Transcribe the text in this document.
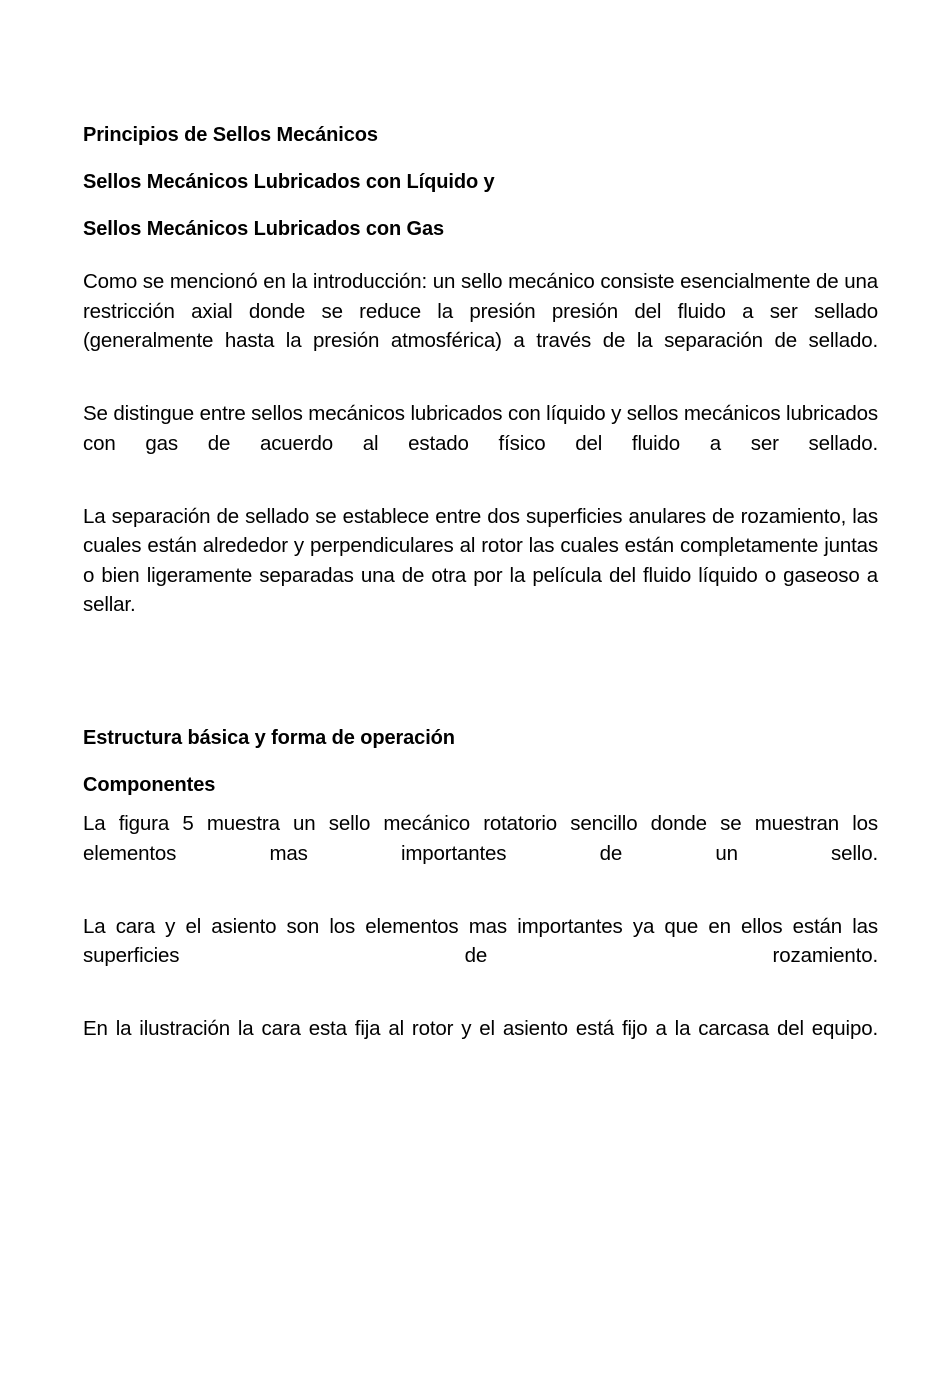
Principios de Sellos Mecánicos
Sellos Mecánicos Lubricados con Líquido y
Sellos Mecánicos Lubricados con Gas

Como se mencionó en la introducción: un sello mecánico consiste esencialmente de una restricción axial donde se reduce la presión presión del fluido a ser sellado (generalmente hasta la presión atmosférica) a través de la separación de sellado.

Se distingue entre sellos mecánicos lubricados con líquido y sellos mecánicos lubricados con gas de acuerdo al estado físico del fluido a ser sellado.

La separación de sellado se establece entre dos superficies anulares de rozamiento, las cuales están alrededor y perpendiculares al rotor las cuales están completamente juntas o bien ligeramente separadas una de otra por la película del fluido líquido o gaseoso a sellar.

Estructura básica y forma de operación
Componentes

La figura 5 muestra un sello mecánico rotatorio sencillo donde se muestran los elementos mas importantes de un sello.

La cara y el asiento son los elementos mas importantes ya que en ellos están las superficies de rozamiento.

En la ilustración la cara esta fija al rotor y el asiento está fijo a la carcasa del equipo.
